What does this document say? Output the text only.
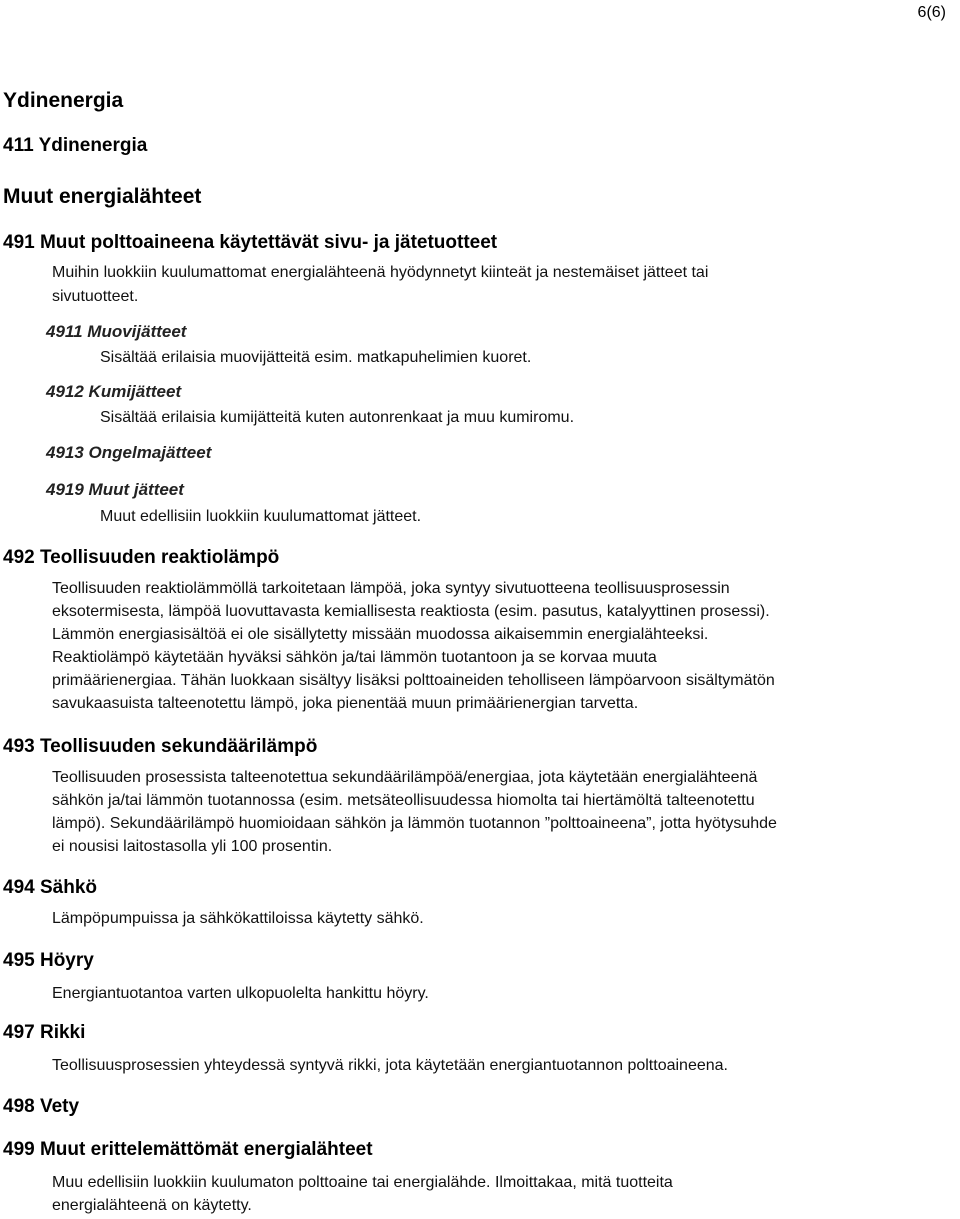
6(6)
Ydinenergia
411 Ydinenergia
Muut energialähteet
491 Muut polttoaineena käytettävät sivu- ja jätetuotteet
Muihin luokkiin kuulumattomat energialähteenä hyödynnetyt kiinteät ja nestemäiset jätteet tai
sivutuotteet.
4911 Muovijätteet
Sisältää erilaisia muovijätteitä esim. matkapuhelimien kuoret.
4912 Kumijätteet
Sisältää erilaisia kumijätteitä kuten autonrenkaat ja muu kumiromu.
4913 Ongelmajätteet
4919 Muut jätteet
Muut edellisiin luokkiin kuulumattomat jätteet.
492 Teollisuuden reaktiolämpö
Teollisuuden reaktiolämmöllä tarkoitetaan lämpöä, joka syntyy sivutuotteena teollisuusprosessin
eksotermisesta, lämpöä luovuttavasta kemiallisesta reaktiosta (esim. pasutus, katalyyttinen prosessi).
Lämmön energiasisältöä ei ole sisällytetty missään muodossa aikaisemmin energialähteeksi.
Reaktiolämpö käytetään hyväksi sähkön ja/tai lämmön tuotantoon ja se korvaa muuta
primäärienergiaa. Tähän luokkaan sisältyy lisäksi polttoaineiden teholliseen lämpöarvoon sisältymätön
savukaasuista talteenotettu lämpö, joka pienentää muun primäärienergian tarvetta.
493 Teollisuuden sekundäärilämpö
Teollisuuden prosessista talteenotettua sekundäärilämpöä/energiaa, jota käytetään energialähteenä
sähkön ja/tai lämmön tuotannossa (esim. metsäteollisuudessa hiomolta tai hiertämöltä talteenotettu
lämpö). Sekundäärilämpö huomioidaan sähkön ja lämmön tuotannon ”polttoaineena”, jotta hyötysuhde
ei nousisi laitostasolla yli 100 prosentin.
494 Sähkö
Lämpöpumpuissa ja sähkökattiloissa käytetty sähkö.
495 Höyry
Energiantuotantoa varten ulkopuolelta hankittu höyry.
497 Rikki
Teollisuusprosessien yhteydessä syntyvä rikki, jota käytetään energiantuotannon polttoaineena.
498 Vety
499 Muut erittelemättömät energialähteet
Muu edellisiin luokkiin kuulumaton polttoaine tai energialähde. Ilmoittakaa, mitä tuotteita
energialähteenä on käytetty.
